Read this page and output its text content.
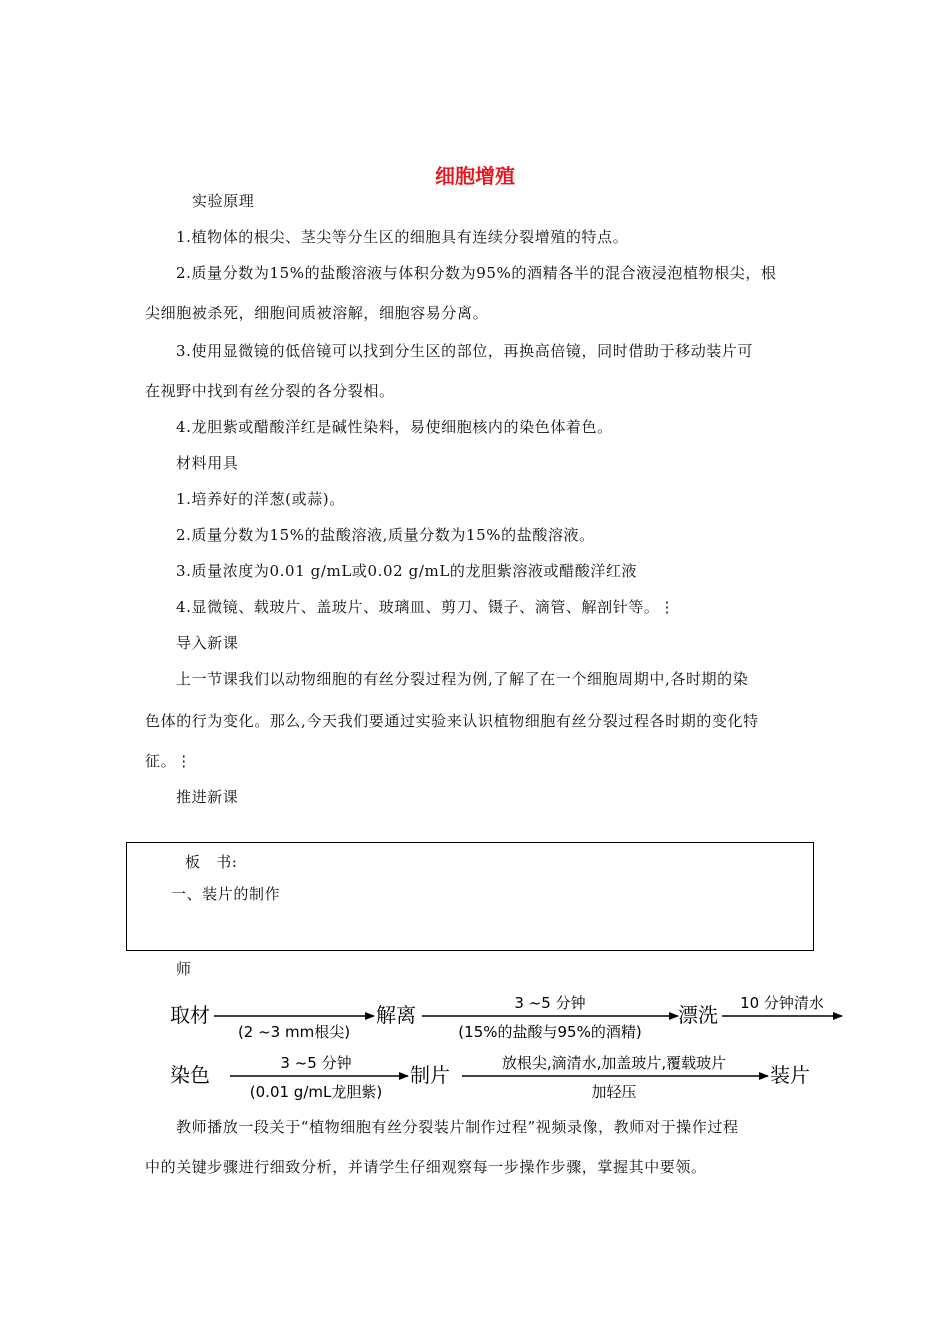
细胞增殖
实验原理
1.植物体的根尖、茎尖等分生区的细胞具有连续分裂增殖的特点。
2.质量分数为15%的盐酸溶液与体积分数为95%的酒精各半的混合液浸泡植物根尖，根
尖细胞被杀死，细胞间质被溶解，细胞容易分离。
3.使用显微镜的低倍镜可以找到分生区的部位，再换高倍镜，同时借助于移动装片可
在视野中找到有丝分裂的各分裂相。
4.龙胆紫或醋酸洋红是碱性染料，易使细胞核内的染色体着色。
材料用具
1.培养好的洋葱(或蒜)。
2.质量分数为15%的盐酸溶液,质量分数为15%的盐酸溶液。
3.质量浓度为0.01 g/mL或0.02 g/mL的龙胆紫溶液或醋酸洋红液
4.显微镜、载玻片、盖玻片、玻璃皿、剪刀、镊子、滴管、解剖针等。⋮
导入新课
上一节课我们以动物细胞的有丝分裂过程为例,了解了在一个细胞周期中,各时期的染
色体的行为变化。那么,今天我们要通过实验来认识植物细胞有丝分裂过程各时期的变化特
征。⋮
推进新课
板　书:
一、装片的制作
师
取材
(2 ~3 mm根尖)
解离	3 ~5 分钟
(15%的盐酸与95%的酒精)
漂洗 10 分钟清水
染色	3 ~5 分钟
(0.01 g/mL龙胆紫)
制片	放根尖,滴清水,加盖玻片,覆载玻片
加轻压
装片
教师播放一段关于“植物细胞有丝分裂装片制作过程”视频录像，教师对于操作过程
中的关键步骤进行细致分析，并请学生仔细观察每一步操作步骤，掌握其中要领。
